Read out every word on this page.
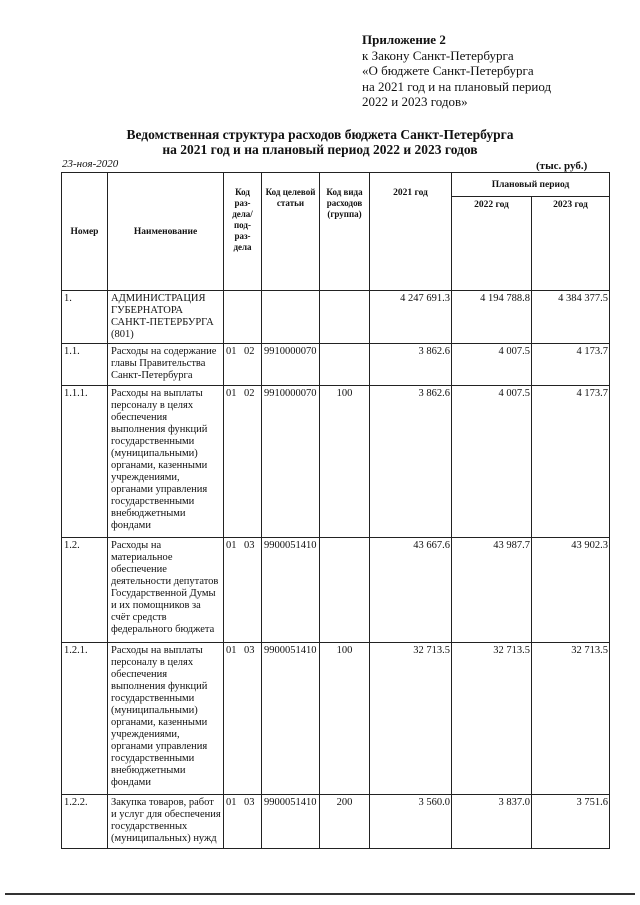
Приложение 2
к Закону Санкт-Петербурга
«О бюджете Санкт-Петербурга
на 2021 год и на плановый период
2022 и 2023 годов»
Ведомственная структура расходов бюджета Санкт-Петербурга
на 2021 год и на плановый период 2022 и 2023 годов
23-ноя-2020	(тыс. руб.)
Номер	Наименование	Код раз- дела/ под- раз- дела	Код целевой статьи	Код вида расходов (группа)	2021 год	Плановый период	
						2022 год	2023 год
1.	АДМИНИСТРАЦИЯ ГУБЕРНАТОРА САНКТ-ПЕТЕРБУРГА (801)				4 247 691.3	4 194 788.8	4 384 377.5
1.1.	Расходы на содержание главы Правительства Санкт-Петербурга	01 02	9910000070		3 862.6	4 007.5	4 173.7
1.1.1.	Расходы на выплаты персоналу в целях обеспечения выполнения функций государственными (муниципальными) органами, казенными учреждениями, органами управления государственными внебюджетными фондами	01 02	9910000070	100	3 862.6	4 007.5	4 173.7
1.2.	Расходы на материальное обеспечение деятельности депутатов Государственной Думы и их помощников за счёт средств федерального бюджета	01 03	9900051410		43 667.6	43 987.7	43 902.3
1.2.1.	Расходы на выплаты персоналу в целях обеспечения выполнения функций государственными (муниципальными) органами, казенными учреждениями, органами управления государственными внебюджетными фондами	01 03	9900051410	100	32 713.5	32 713.5	32 713.5
1.2.2.	Закупка товаров, работ и услуг для обеспечения государственных (муниципальных) нужд	01 03	9900051410	200	3 560.0	3 837.0	3 751.6
